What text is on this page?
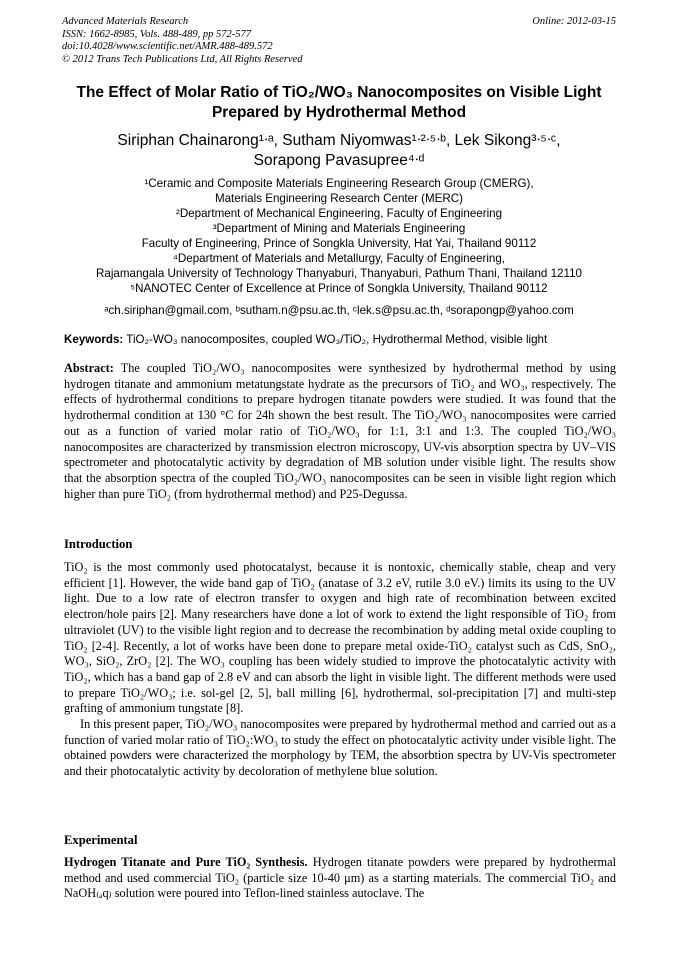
Advanced Materials Research
ISSN: 1662-8985, Vols. 488-489, pp 572-577
doi:10.4028/www.scientific.net/AMR.488-489.572
© 2012 Trans Tech Publications Ltd, All Rights Reserved
Online: 2012-03-15
The Effect of Molar Ratio of TiO₂/WO₃ Nanocomposites on Visible Light
Prepared by Hydrothermal Method
Siriphan Chainarong¹ᐧᵃ, Sutham Niyomwas¹ᐧ²ᐧ⁵ᐧᵇ, Lek Sikong³ᐧ⁵ᐧᶜ,
Sorapong Pavasupree⁴ᐧᵈ
¹Ceramic and Composite Materials Engineering Research Group (CMERG),
Materials Engineering Research Center (MERC)
²Department of Mechanical Engineering, Faculty of Engineering
³Department of Mining and Materials Engineering
Faculty of Engineering, Prince of Songkla University, Hat Yai, Thailand 90112
⁴Department of Materials and Metallurgy, Faculty of Engineering,
Rajamangala University of Technology Thanyaburi, Thanyaburi, Pathum Thani, Thailand 12110
⁵NANOTEC Center of Excellence at Prince of Songkla University, Thailand 90112
ᵃch.siriphan@gmail.com, ᵇsutham.n@psu.ac.th, ᶜlek.s@psu.ac.th, ᵈsorapongp@yahoo.com
Keywords: TiO₂-WO₃ nanocomposites, coupled WO₃/TiO₂, Hydrothermal Method, visible light

Abstract: The coupled TiO₂/WO₃ nanocomposites were synthesized by hydrothermal method by using hydrogen titanate and ammonium metatungstate hydrate as the precursors of TiO₂ and WO₃, respectively. The effects of hydrothermal conditions to prepare hydrogen titanate powders were studied. It was found that the hydrothermal condition at 130 °C for 24h shown the best result. The TiO₂/WO₃ nanocomposites were carried out as a function of varied molar ratio of TiO₂/WO₃ for 1:1, 3:1 and 1:3. The coupled TiO₂/WO₃ nanocomposites are characterized by transmission electron microscopy, UV-vis absorption spectra by UV–VIS spectrometer and photocatalytic activity by degradation of MB solution under visible light. The results show that the absorption spectra of the coupled TiO₂/WO₃ nanocomposites can be seen in visible light region which higher than pure TiO₂ (from hydrothermal method) and P25-Degussa.

Introduction

TiO₂ is the most commonly used photocatalyst, because it is nontoxic, chemically stable, cheap and very efficient [1]. However, the wide band gap of TiO₂ (anatase of 3.2 eV, rutile 3.0 eV.) limits its using to the UV light. Due to a low rate of electron transfer to oxygen and high rate of recombination between excited electron/hole pairs [2]. Many researchers have done a lot of work to extend the light responsible of TiO₂ from ultraviolet (UV) to the visible light region and to decrease the recombination by adding metal oxide coupling to TiO₂ [2-4]. Recently, a lot of works have been done to prepare metal oxide-TiO₂ catalyst such as CdS, SnO₂, WO₃, SiO₂, ZrO₂ [2]. The WO₃ coupling has been widely studied to improve the photocatalytic activity with TiO₂, which has a band gap of 2.8 eV and can absorb the light in visible light. The different methods were used to prepare TiO₂/WO₃; i.e. sol-gel [2, 5], ball milling [6], hydrothermal, sol-precipitation [7] and multi-step grafting of ammonium tungstate [8].

In this present paper, TiO₂/WO₃ nanocomposites were prepared by hydrothermal method and carried out as a function of varied molar ratio of TiO₂:WO₃ to study the effect on photocatalytic activity under visible light. The obtained powders were characterized the morphology by TEM, the absorbtion spectra by UV-Vis spectrometer and their photocatalytic activity by decoloration of methylene blue solution.

Experimental

Hydrogen Titanate and Pure TiO₂ Synthesis. Hydrogen titanate powders were prepared by hydrothermal method and used commercial TiO₂ (particle size 10-40 μm) as a starting materials. The commercial TiO₂ and NaOH₍ₐq₎ solution were poured into Teflon-lined stainless autoclave. The
